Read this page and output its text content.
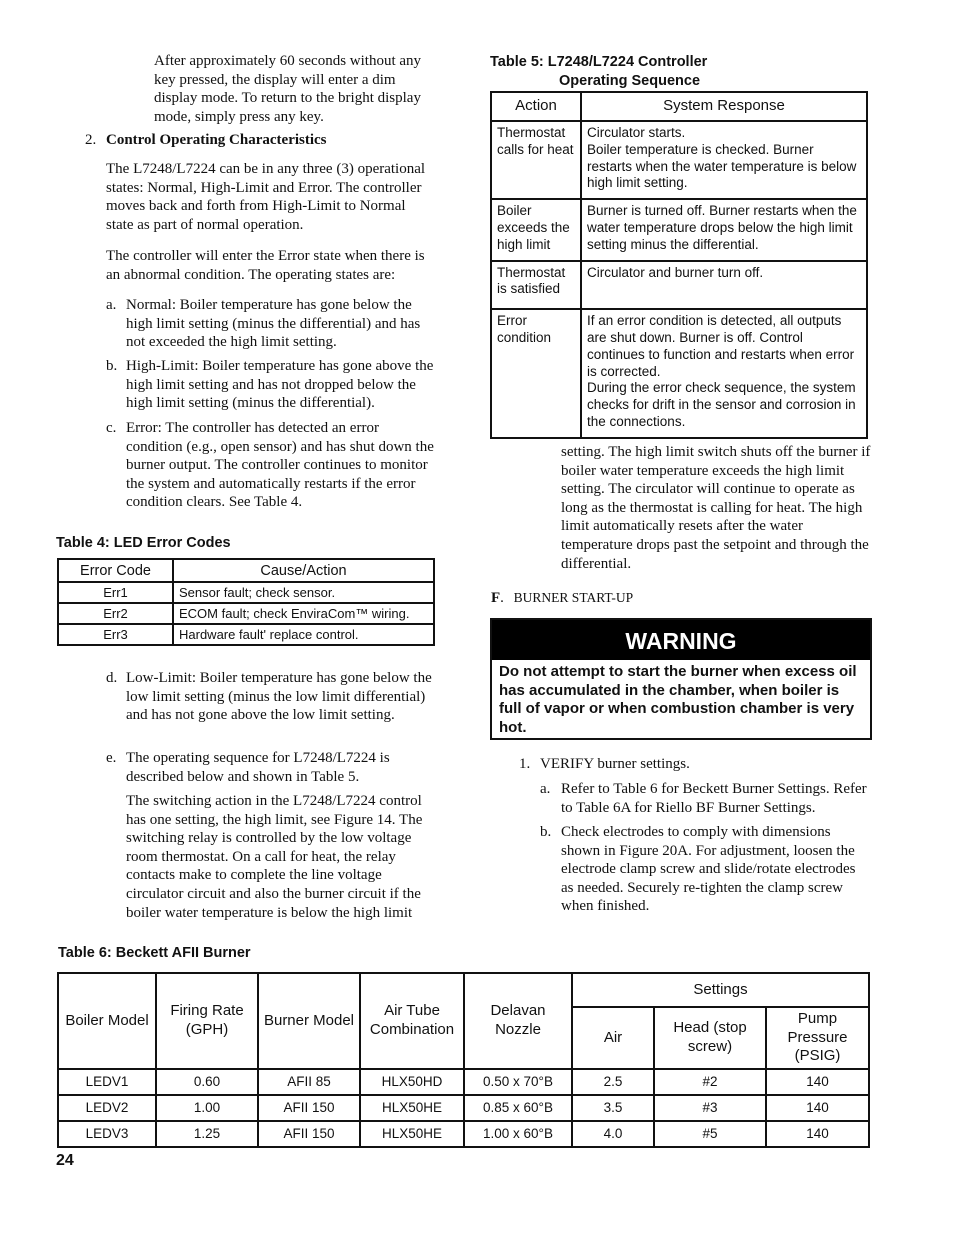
After approximately 60 seconds without any key pressed, the display will enter a dim display mode. To return to the bright display mode, simply press any key.

2. Control Operating Characteristics

The L7248/L7224 can be in any three (3) operational states: Normal, High-Limit and Error. The controller moves back and forth from High-Limit to Normal state as part of normal operation.

The controller will enter the Error state when there is an abnormal condition. The operating states are:

a. Normal: Boiler temperature has gone below the high limit setting (minus the differential) and has not exceeded the high limit setting.

b. High-Limit: Boiler temperature has gone above the high limit setting and has not dropped below the high limit setting (minus the differential).

c. Error: The controller has detected an error condition (e.g., open sensor) and has shut down the burner output. The controller continues to monitor the system and automatically restarts if the error condition clears. See Table 4.

Table 4: LED Error Codes
Error Code	Cause/Action
Err1	Sensor fault; check sensor.
Err2	ECOM fault; check EnviraCom™ wiring.
Err3	Hardware fault' replace control.
d. Low-Limit: Boiler temperature has gone below the low limit setting (minus the low limit differential) and has not gone above the low limit setting.

e. The operating sequence for L7248/L7224 is described below and shown in Table 5.

The switching action in the L7248/L7224 control has one setting, the high limit, see Figure 14. The switching relay is controlled by the low voltage room thermostat. On a call for heat, the relay contacts make to complete the line voltage circulator circuit and also the burner circuit if the boiler water temperature is below the high limit

Table 5: L7248/L7224 Controller
Operating Sequence
Action	System Response
Thermostat calls for heat	Circulator starts.
Boiler temperature is checked. Burner restarts when the water temperature is below high limit setting.
Boiler exceeds the high limit	Burner is turned off. Burner restarts when the water temperature drops below the high limit setting minus the differential.
Thermostat is satisfied	Circulator and burner turn off.
Error condition	If an error condition is detected, all outputs are shut down. Burner is off. Control continues to function and restarts when error is corrected.
During the error check sequence, the system checks for drift in the sensor and corrosion in the connections.

setting. The high limit switch shuts off the burner if boiler water temperature exceeds the high limit setting. The circulator will continue to operate as long as the thermostat is calling for heat. The high limit automatically resets after the water temperature drops past the setpoint and through the differential.

F. BURNER START-UP
WARNING
Do not attempt to start the burner when excess oil has accumulated in the chamber, when boiler is full of vapor or when combustion chamber is very hot.
1. VERIFY burner settings.

a. Refer to Table 6 for Beckett Burner Settings. Refer to Table 6A for Riello BF Burner Settings.

b. Check electrodes to comply with dimensions shown in Figure 20A. For adjustment, loosen the electrode clamp screw and slide/rotate electrodes as needed. Securely re-tighten the clamp screw when finished.

Table 6: Beckett AFII Burner
Boiler Model	Firing Rate (GPH)	Burner Model	Air Tube Combination	Delavan Nozzle	Settings		
					Air	Head (stop screw)	Pump Pressure (PSIG)
LEDV1	0.60	AFII 85	HLX50HD	0.50 x 70°B	2.5	#2	140
LEDV2	1.00	AFII 150	HLX50HE	0.85 x 60°B	3.5	#3	140
LEDV3	1.25	AFII 150	HLX50HE	1.00 x 60°B	4.0	#5	140
24
